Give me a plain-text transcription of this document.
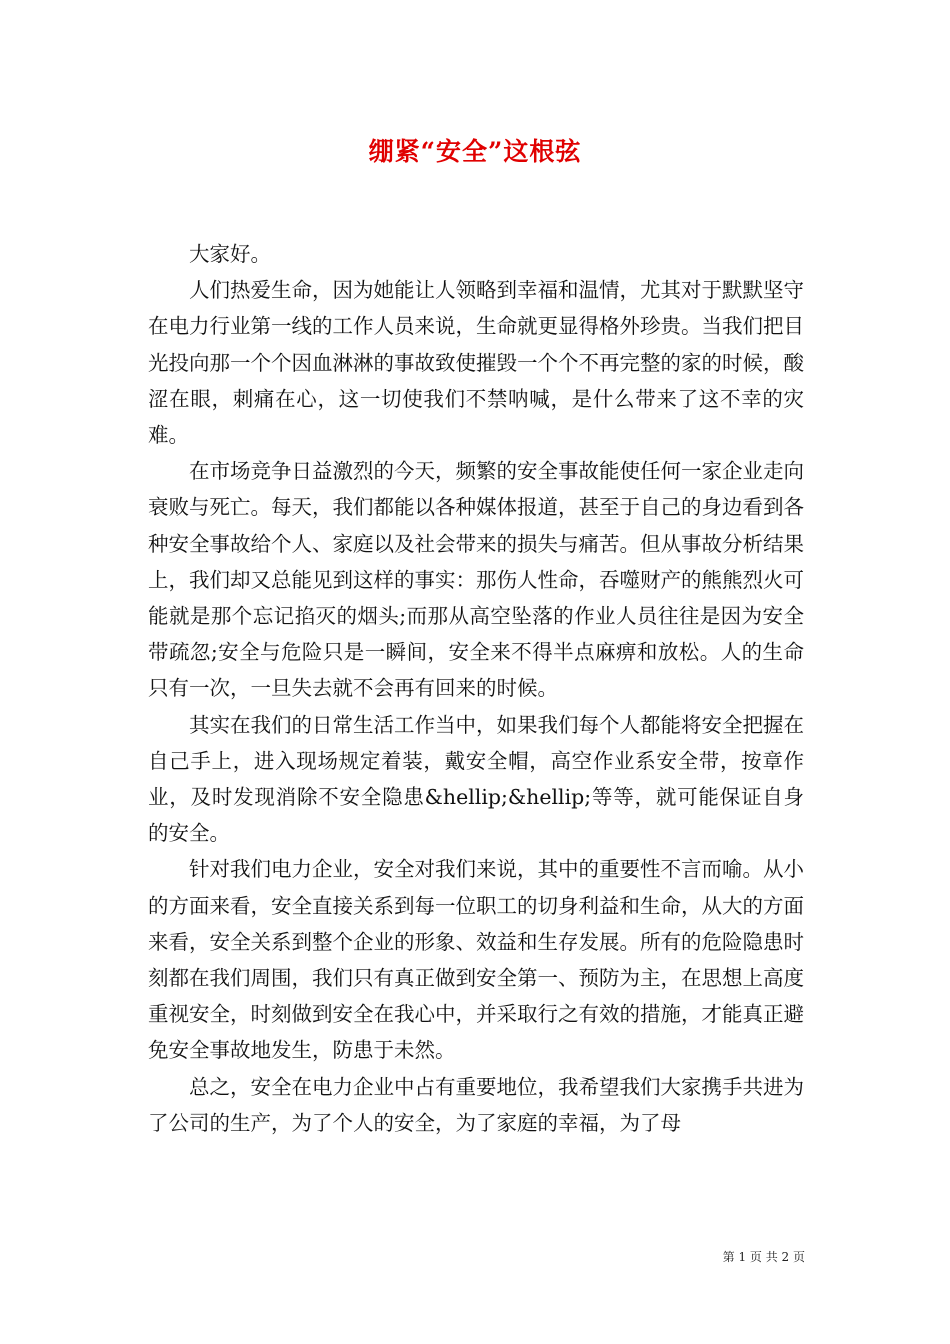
绷紧“安全”这根弦

大家好。

人们热爱生命，因为她能让人领略到幸福和温情，尤其对于默默坚守在电力行业第一线的工作人员来说，生命就更显得格外珍贵。当我们把目光投向那一个个因血淋淋的事故致使摧毁一个个不再完整的家的时候，酸涩在眼，刺痛在心，这一切使我们不禁呐喊，是什么带来了这不幸的灾难。

在市场竞争日益激烈的今天，频繁的安全事故能使任何一家企业走向衰败与死亡。每天，我们都能以各种媒体报道，甚至于自己的身边看到各种安全事故给个人、家庭以及社会带来的损失与痛苦。但从事故分析结果上，我们却又总能见到这样的事实：那伤人性命，吞噬财产的熊熊烈火可能就是那个忘记掐灭的烟头;而那从高空坠落的作业人员往往是因为安全带疏忽;安全与危险只是一瞬间，安全来不得半点麻痹和放松。人的生命只有一次，一旦失去就不会再有回来的时候。

其实在我们的日常生活工作当中，如果我们每个人都能将安全把握在自己手上，进入现场规定着装，戴安全帽，高空作业系安全带，按章作业，及时发现消除不安全隐患&hellip;&hellip;等等，就可能保证自身的安全。

针对我们电力企业，安全对我们来说，其中的重要性不言而喻。从小的方面来看，安全直接关系到每一位职工的切身利益和生命，从大的方面来看，安全关系到整个企业的形象、效益和生存发展。所有的危险隐患时刻都在我们周围，我们只有真正做到安全第一、预防为主，在思想上高度重视安全，时刻做到安全在我心中，并采取行之有效的措施，才能真正避免安全事故地发生，防患于未然。

总之，安全在电力企业中占有重要地位，我希望我们大家携手共进为了公司的生产，为了个人的安全，为了家庭的幸福，为了母

第 1 页 共 2 页
